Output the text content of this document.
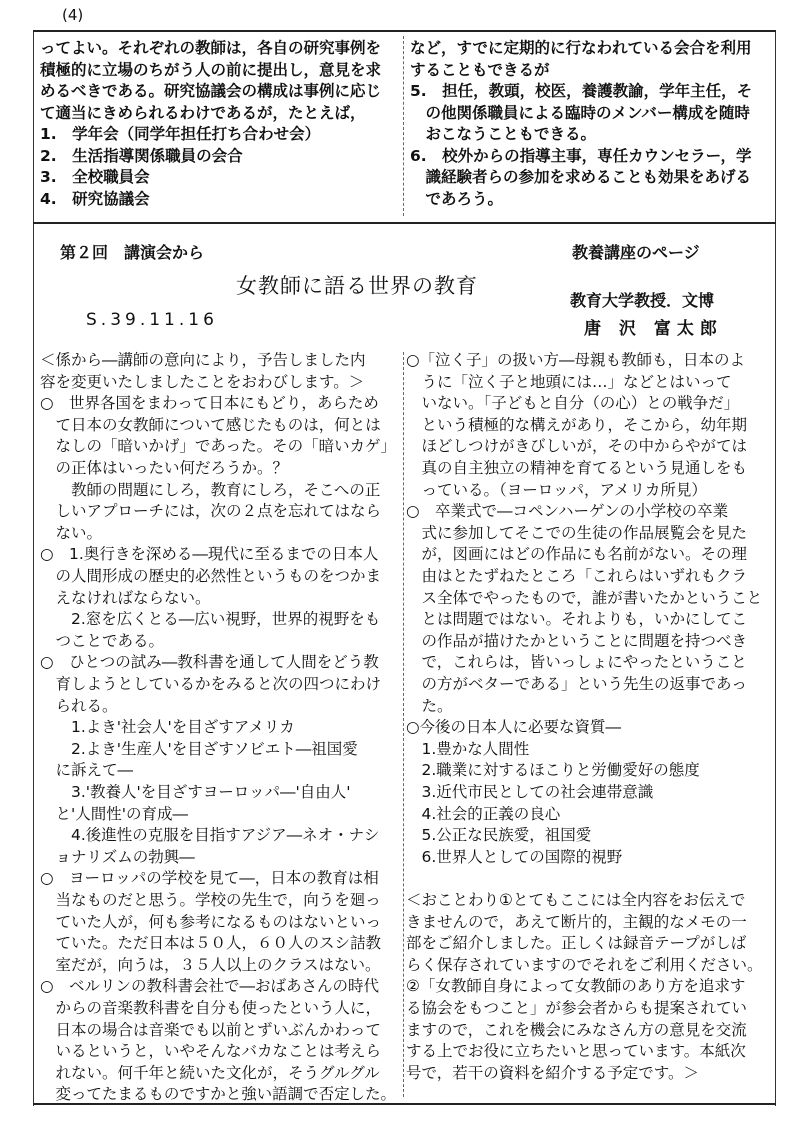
(4)
ってよい。それぞれの教師は，各自の研究事例を
積極的に立場のちがう人の前に提出し，意見を求
めるべきである。研究協議会の構成は事例に応じ
て適当にきめられるわけであるが，たとえば，
1.　学年会（同学年担任打ち合わせ会）
2.　生活指導関係職員の会合
3.　全校職員会
4.　研究協議会
など，すでに定期的に行なわれている会合を利用
することもできるが
5.　担任，教頭，校医，養護教諭，学年主任，そ
　の他関係職員による臨時のメンバー構成を随時
　おこなうこともできる。
6.　校外からの指導主事，専任カウンセラー，学
　識経験者らの参加を求めることも効果をあげる
　であろう。
第２回　講演会から	教養講座のページ
女教師に語る世界の教育
S.39.11.16
教育大学教授．文博
唐 沢 富太郎
＜係から―講師の意向により，予告しました内
容を変更いたしましたことをおわびします。＞
○　世界各国をまわって日本にもどり，あらため
　て日本の女教師について感じたものは，何とは
　なしの「暗いかげ」であった。その「暗いカゲ」
　の正体はいったい何だろうか。？
　　教師の問題にしろ，教育にしろ，そこへの正
　しいアプローチには，次の２点を忘れてはなら
　ない。
○　1.奥行きを深める―現代に至るまでの日本人
　の人間形成の歴史的必然性というものをつかま
　えなければならない。
　　2.窓を広くとる―広い視野，世界的視野をも
　つことである。
○　ひとつの試み―教科書を通して人間をどう教
　育しようとしているかをみると次の四つにわけ
　られる。
　　1.よき'社会人'を目ざすアメリカ
　　2.よき'生産人'を目ざすソビエト―祖国愛
　に訴えて―
　　3.'教養人'を目ざすヨーロッパ―'自由人'
　と'人間性'の育成―
　　4.後進性の克服を目指すアジア―ネオ・ナシ
　ョナリズムの勃興―
○　ヨーロッパの学校を見て―，日本の教育は相
　当なものだと思う。学校の先生で，向うを廻っ
　ていた人が，何も参考になるものはないといっ
　ていた。ただ日本は５０人，６０人のスシ詰教
　室だが，向うは，３５人以上のクラスはない。
○　ベルリンの教科書会社で―おばあさんの時代
　からの音楽教科書を自分も使ったという人に，
　日本の場合は音楽でも以前とずいぶんかわって
　いるというと，いやそんなバカなことは考えら
　れない。何千年と続いた文化が，そうグルグル
　変ってたまるものですかと強い語調で否定した。
○「泣く子」の扱い方―母親も教師も，日本のよ
　うに「泣く子と地頭には…」などとはいって
　いない。「子どもと自分（の心）との戦争だ」
　という積極的な構えがあり，そこから，幼年期
　ほどしつけがきびしいが，その中からやがては
　真の自主独立の精神を育てるという見通しをも
　っている。（ヨーロッパ，アメリカ所見）
○　卒業式で―コペンハーゲンの小学校の卒業
　式に参加してそこでの生徒の作品展覧会を見た
　が，図画にはどの作品にも名前がない。その理
　由はとたずねたところ「これらはいずれもクラ
　ス全体でやったもので，誰が書いたかということ
　とは問題ではない。それよりも，いかにしてこ
　の作品が描けたかということに問題を持つべき
　で，これらは，皆いっしょにやったということ
　の方がベターである」という先生の返事であっ
　た。
○今後の日本人に必要な資質―
　1.豊かな人間性
　2.職業に対するほこりと労働愛好の態度
　3.近代市民としての社会連帯意識
　4.社会的正義の良心
　5.公正な民族愛，祖国愛
　6.世界人としての国際的視野
＜おことわり①とてもここには全内容をお伝えで
きませんので，あえて断片的，主観的なメモの一
部をご紹介しました。正しくは録音テープがしば
らく保存されていますのでそれをご利用ください。
②「女教師自身によって女教師のあり方を追求す
る協会をもつこと」が参会者からも提案されてい
ますので，これを機会にみなさん方の意見を交流
する上でお役に立ちたいと思っています。本紙次
号で，若干の資料を紹介する予定です。＞
